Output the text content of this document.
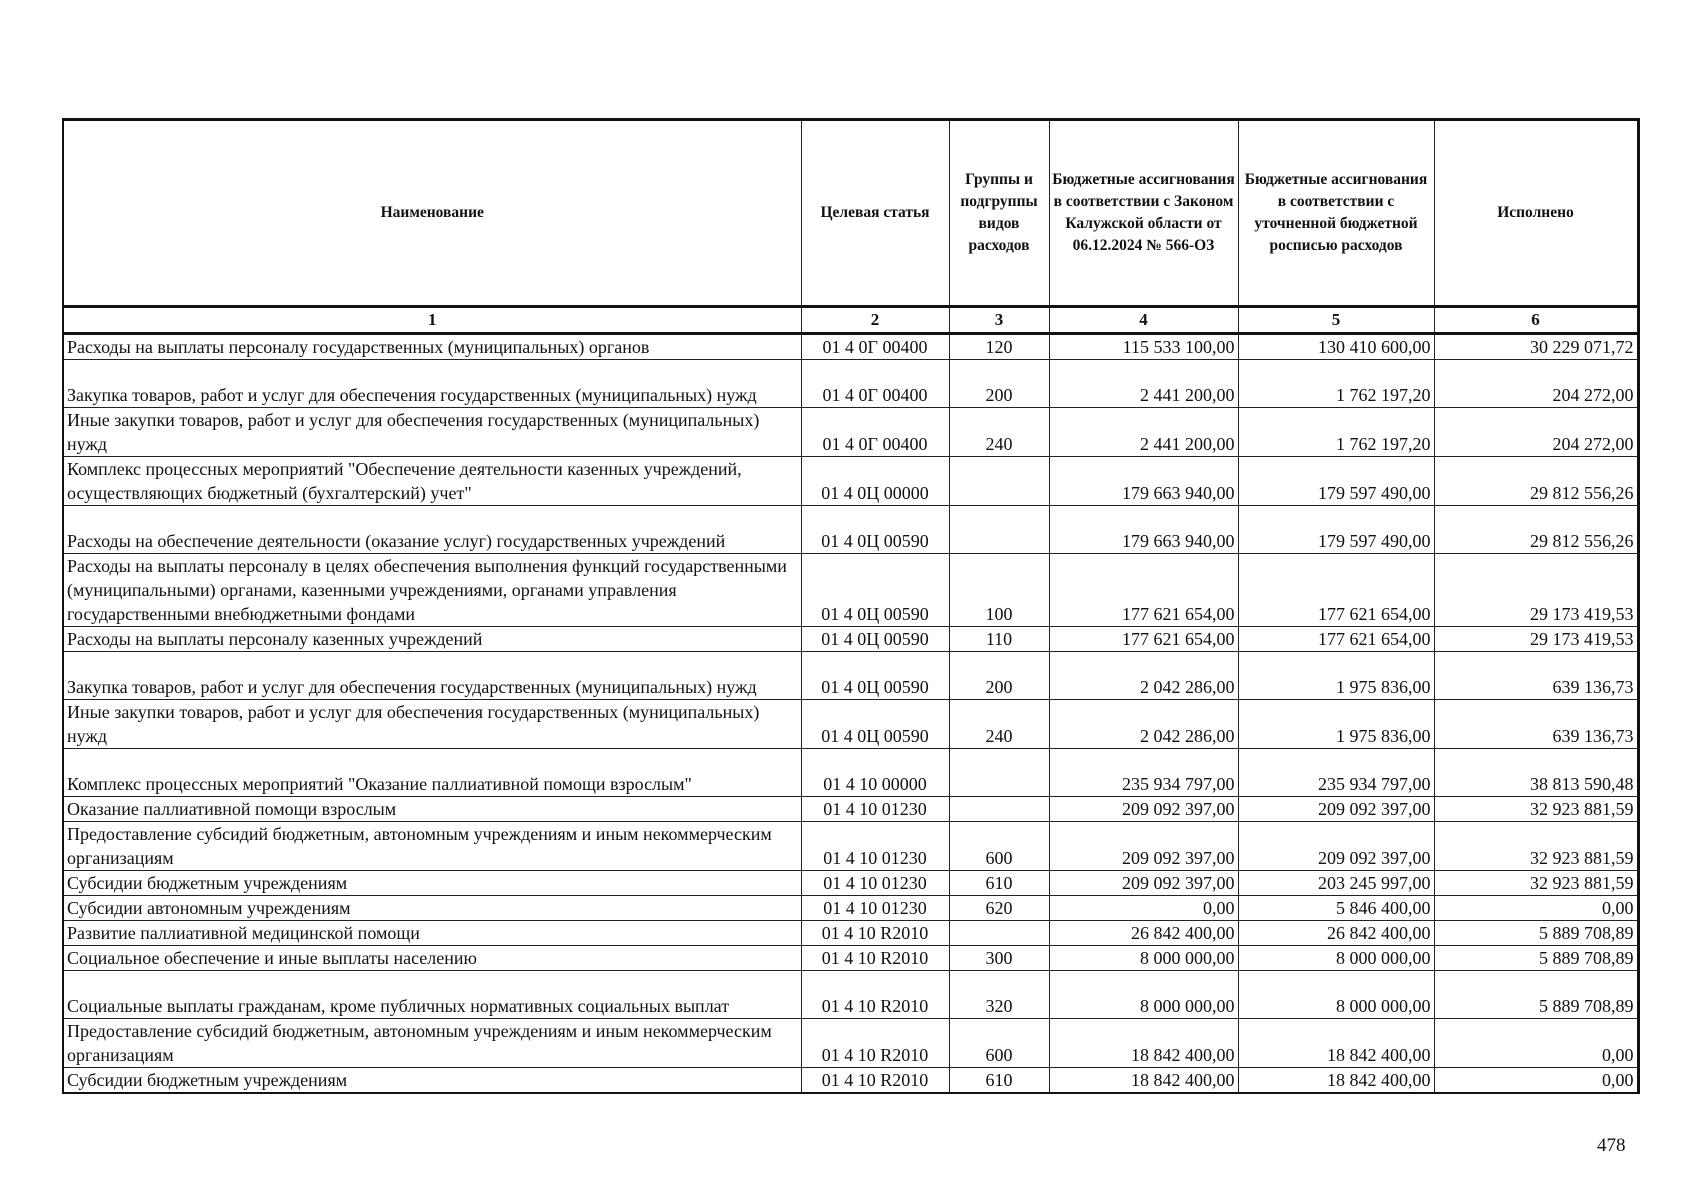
Наименование	Целевая статья	Группы и подгруппы видов расходов	Бюджетные ассигнования в соответствии с Законом Калужской области от 06.12.2024 № 566-ОЗ	Бюджетные ассигнования в соответствии с уточненной бюджетной росписью расходов	Исполнено
1	2	3	4	5	6
Расходы на выплаты персоналу государственных (муниципальных) органов	01 4 0Г 00400	120	115 533 100,00	130 410 600,00	30 229 071,72
Закупка товаров, работ и услуг для обеспечения государственных (муниципальных) нужд	01 4 0Г 00400	200	2 441 200,00	1 762 197,20	204 272,00
Иные закупки товаров, работ и услуг для обеспечения государственных (муниципальных) нужд	01 4 0Г 00400	240	2 441 200,00	1 762 197,20	204 272,00
Комплекс процессных мероприятий "Обеспечение деятельности казенных учреждений, осуществляющих бюджетный (бухгалтерский) учет"	01 4 0Ц 00000		179 663 940,00	179 597 490,00	29 812 556,26
Расходы на обеспечение деятельности (оказание услуг) государственных учреждений	01 4 0Ц 00590		179 663 940,00	179 597 490,00	29 812 556,26
Расходы на выплаты персоналу в целях обеспечения выполнения функций государственными (муниципальными) органами, казенными учреждениями, органами управления государственными внебюджетными фондами	01 4 0Ц 00590	100	177 621 654,00	177 621 654,00	29 173 419,53
Расходы на выплаты персоналу казенных учреждений	01 4 0Ц 00590	110	177 621 654,00	177 621 654,00	29 173 419,53
Закупка товаров, работ и услуг для обеспечения государственных (муниципальных) нужд	01 4 0Ц 00590	200	2 042 286,00	1 975 836,00	639 136,73
Иные закупки товаров, работ и услуг для обеспечения государственных (муниципальных) нужд	01 4 0Ц 00590	240	2 042 286,00	1 975 836,00	639 136,73
Комплекс процессных мероприятий "Оказание паллиативной помощи взрослым"	01 4 10 00000		235 934 797,00	235 934 797,00	38 813 590,48
Оказание паллиативной помощи взрослым	01 4 10 01230		209 092 397,00	209 092 397,00	32 923 881,59
Предоставление субсидий бюджетным, автономным учреждениям и иным некоммерческим организациям	01 4 10 01230	600	209 092 397,00	209 092 397,00	32 923 881,59
Субсидии бюджетным учреждениям	01 4 10 01230	610	209 092 397,00	203 245 997,00	32 923 881,59
Субсидии автономным учреждениям	01 4 10 01230	620	0,00	5 846 400,00	0,00
Развитие паллиативной медицинской помощи	01 4 10 R2010		26 842 400,00	26 842 400,00	5 889 708,89
Социальное обеспечение и иные выплаты населению	01 4 10 R2010	300	8 000 000,00	8 000 000,00	5 889 708,89
Социальные выплаты гражданам, кроме публичных нормативных социальных выплат	01 4 10 R2010	320	8 000 000,00	8 000 000,00	5 889 708,89
Предоставление субсидий бюджетным, автономным учреждениям и иным некоммерческим организациям	01 4 10 R2010	600	18 842 400,00	18 842 400,00	0,00
Субсидии бюджетным учреждениям	01 4 10 R2010	610	18 842 400,00	18 842 400,00	0,00
478
